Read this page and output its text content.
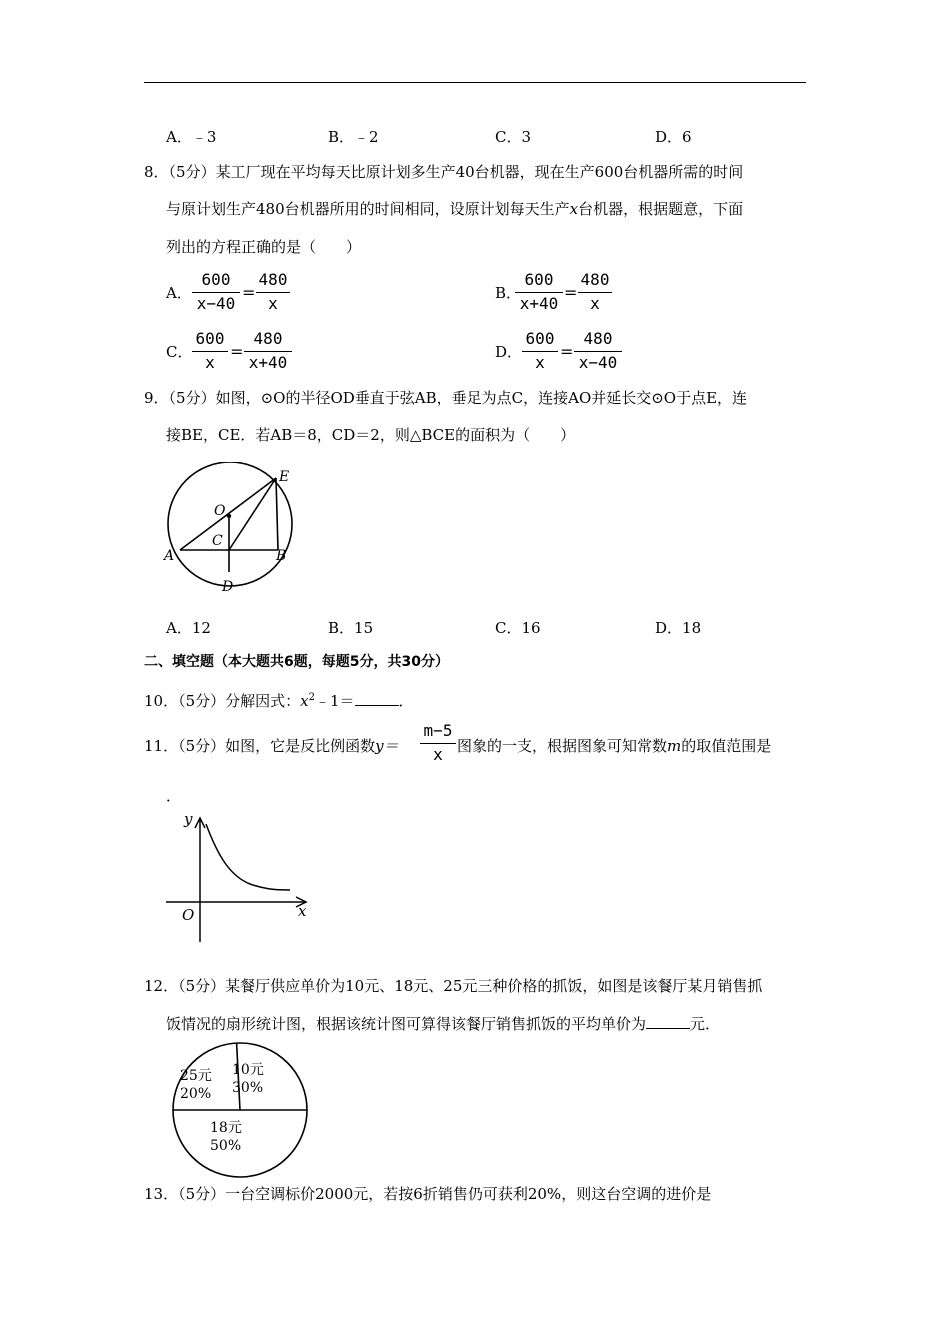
A．﹣3	B．﹣2	C．3	D．6
8．（5分）某工厂现在平均每天比原计划多生产40台机器，现在生产600台机器所需的时间
与原计划生产480台机器所用的时间相同，设原计划每天生产x台机器，根据题意，下面
列出的方程正确的是（　　）
A．
600
x−40
=
480
x
B．
600
x+40
=
480
x
C．
600
x
=
480
x+40
D．
600
x
=
480
x−40
9．（5分）如图，⊙O的半径OD垂直于弦AB，垂足为点C，连接AO并延长交⊙O于点E，连
接BE，CE．若AB＝8，CD＝2，则△BCE的面积为（　　）
E
O
C
A	B
D
A．12	B．15	C．16	D．18
二、填空题（本大题共6题，每题5分，共30分）
10．（5分）分解因式：$x^2﹣1=$	．
11．（5分）如图，它是反比例函数y＝
m−5
x 图象的一支，根据图象可知常数m的取值范围是
．
y
x
O
12．（5分）某餐厅供应单价为10元、18元、25元三种价格的抓饭，如图是该餐厅某月销售抓
饭情况的扇形统计图，根据该统计图可算得该餐厅销售抓饭的平均单价为	元．
10元
30%
25元
20%
18元
50%
13．（5分）一台空调标价2000元，若按6折销售仍可获利20%，则这台空调的进价是
